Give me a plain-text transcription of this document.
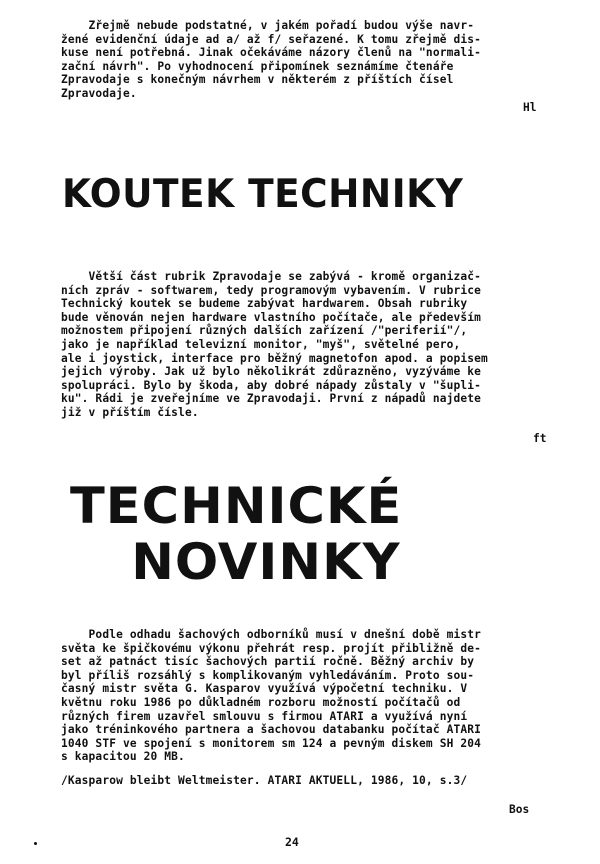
Zřejmě nebude podstatné, v jakém pořadí budou výše navr-
žené evidenční údaje ad a/ až f/ seřazené. K tomu zřejmě dis-
kuse není potřebná. Jinak očekáváme názory členů na "normali-
zační návrh". Po vyhodnocení připomínek seznámíme čtenáře
Zpravodaje s konečným návrhem v některém z příštích čísel
Zpravodaje.
Hl
KOUTEK TECHNIKY
Větší část rubrik Zpravodaje se zabývá - kromě organizač-
ních zpráv - softwarem, tedy programovým vybavením. V rubrice
Technický koutek se budeme zabývat hardwarem. Obsah rubriky
bude věnován nejen hardware vlastního počítače, ale především
možnostem připojení různých dalších zařízení /"periferií"/,
jako je například televizní monitor, "myš", světelné pero,
ale i joystick, interface pro běžný magnetofon apod. a popisem
jejich výroby. Jak už bylo několikrát zdůrazněno, vyzýváme ke
spolupráci. Bylo by škoda, aby dobré nápady zůstaly v "šupli-
ku". Rádi je zveřejníme ve Zpravodaji. První z nápadů najdete
již v příštím čísle.
ft
TECHNICKÉ
NOVINKY
Podle odhadu šachových odborníků musí v dnešní době mistr
světa ke špičkovému výkonu přehrát resp. projít přibližně de-
set až patnáct tisíc šachových partií ročně. Běžný archiv by
byl příliš rozsáhlý s komplikovaným vyhledáváním. Proto sou-
časný mistr světa G. Kasparov využívá výpočetní techniku. V
květnu roku 1986 po důkladném rozboru možností počítačů od
různých firem uzavřel smlouvu s firmou ATARI a využívá nyní
jako tréninkového partnera a šachovou databanku počítač ATARI
1040 STF ve spojení s monitorem sm 124 a pevným diskem SH 204
s kapacitou 20 MB.
/Kasparow bleibt Weltmeister. ATARI AKTUELL, 1986, 10, s.3/
Bos
24
